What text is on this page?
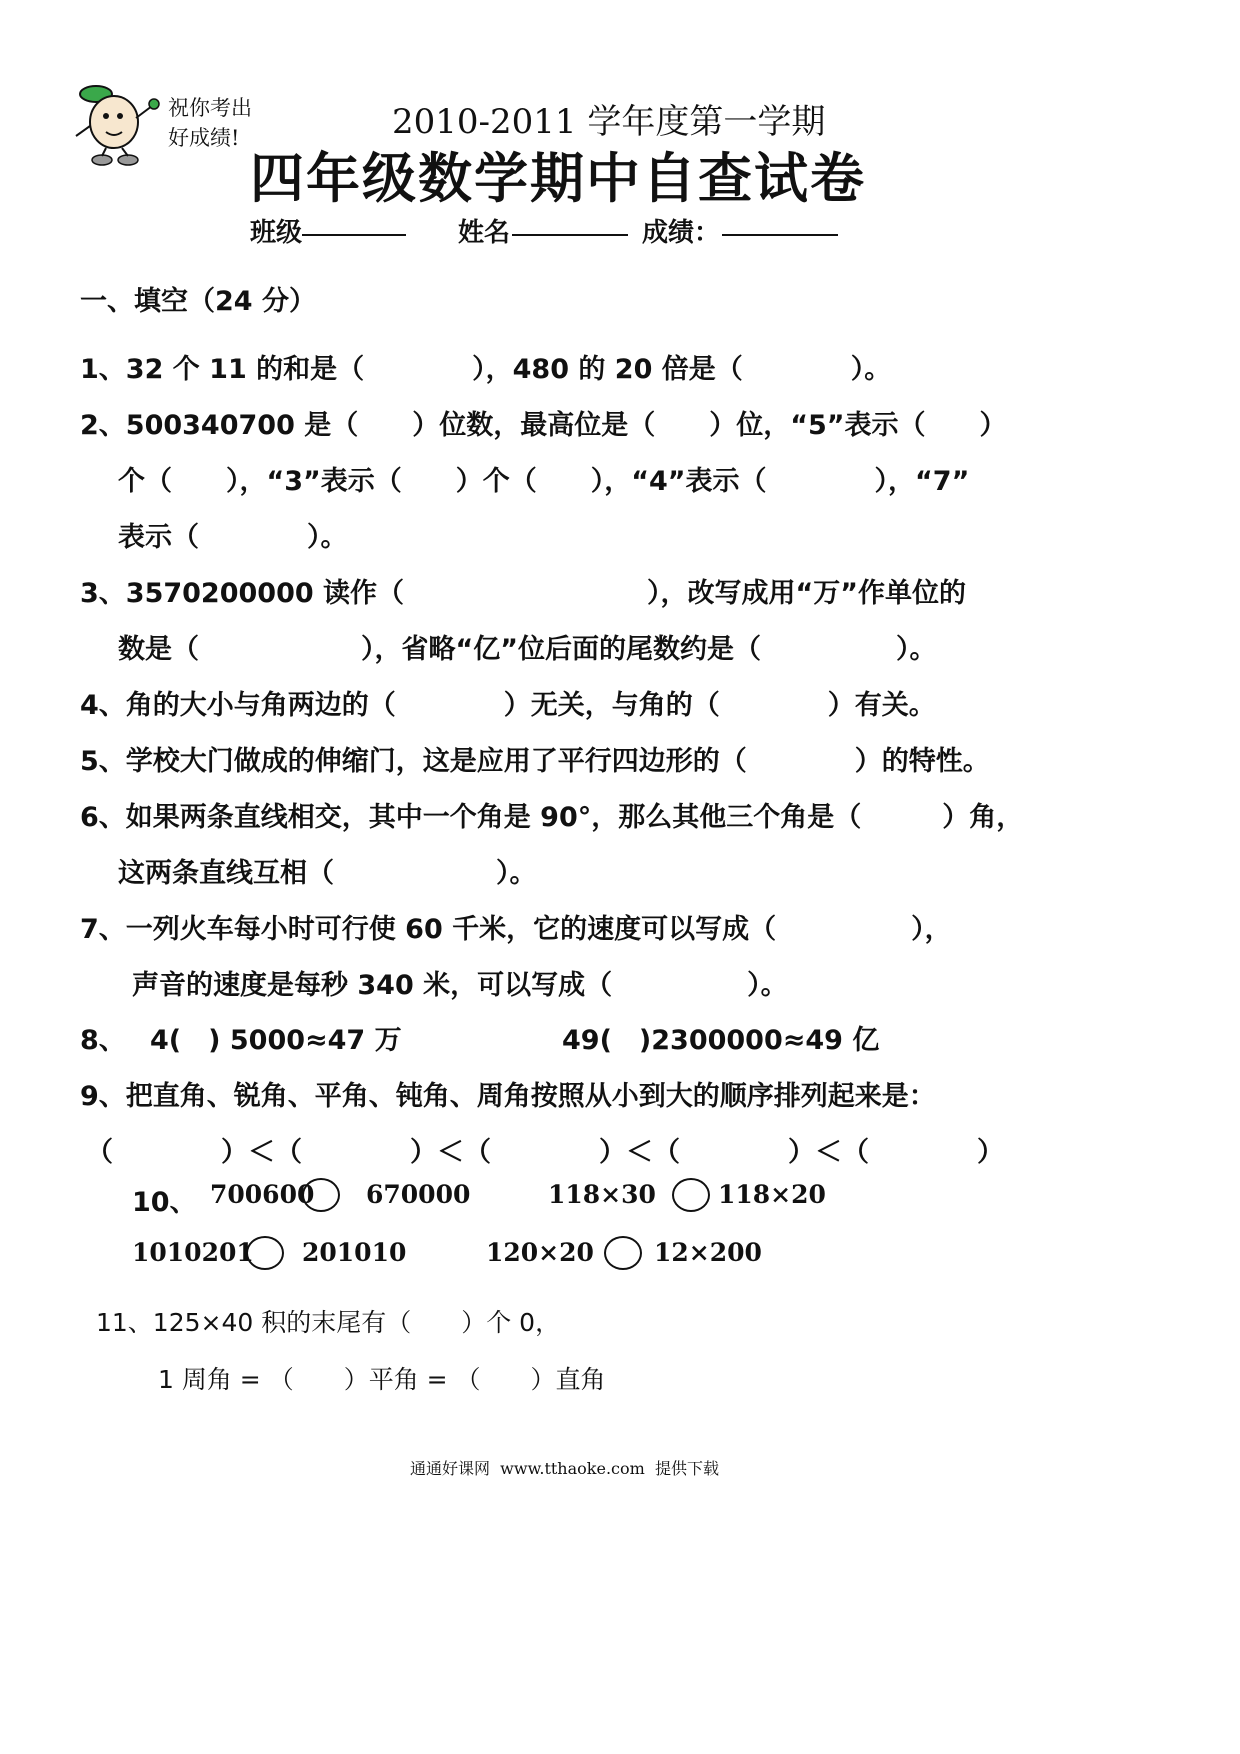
祝你考出
好成绩!	2010-2011 学年度第一学期
四年级数学期中自查试卷
班级	姓名	成绩：
一、填空（24 分）
1、32 个 11 的和是（　　　　），480 的 20 倍是（　　　　）。
2、500340700 是（　　）位数，最高位是（　　）位，“5”表示（　　）
个（　　），“3”表示（　　）个（　　），“4”表示（　　　　），“7”
表示（　　　　）。
3、3570200000 读作（　　　　　　　　　），改写成用“万”作单位的
数是（　　　　　　），省略“亿”位后面的尾数约是（　　　　　）。
4、角的大小与角两边的（　　　　）无关，与角的（　　　　）有关。
5、学校大门做成的伸缩门，这是应用了平行四边形的（　　　　）的特性。
6、如果两条直线相交，其中一个角是 90°，那么其他三个角是（　　　）角，
这两条直线互相（　　　　　　）。
7、一列火车每小时可行使 60 千米，它的速度可以写成（　　　　　），
声音的速度是每秒 340 米，可以写成（　　　　　）。
8、 4(　) 5000≈47 万	49(　)2300000≈49 亿
9、把直角、锐角、平角、钝角、周角按照从小到大的顺序排列起来是：
（　　　　）＜（　　　　）＜（　　　　）＜（　　　　）＜（　　　　）
10、 700600 670000	118×30 118×20
1010201 201010	120×20 12×200
11、125×40 积的末尾有（　　）个 0，
1 周角 = （　　）平角 = （　　）直角
通通好课网  www.tthaoke.com  提供下载
